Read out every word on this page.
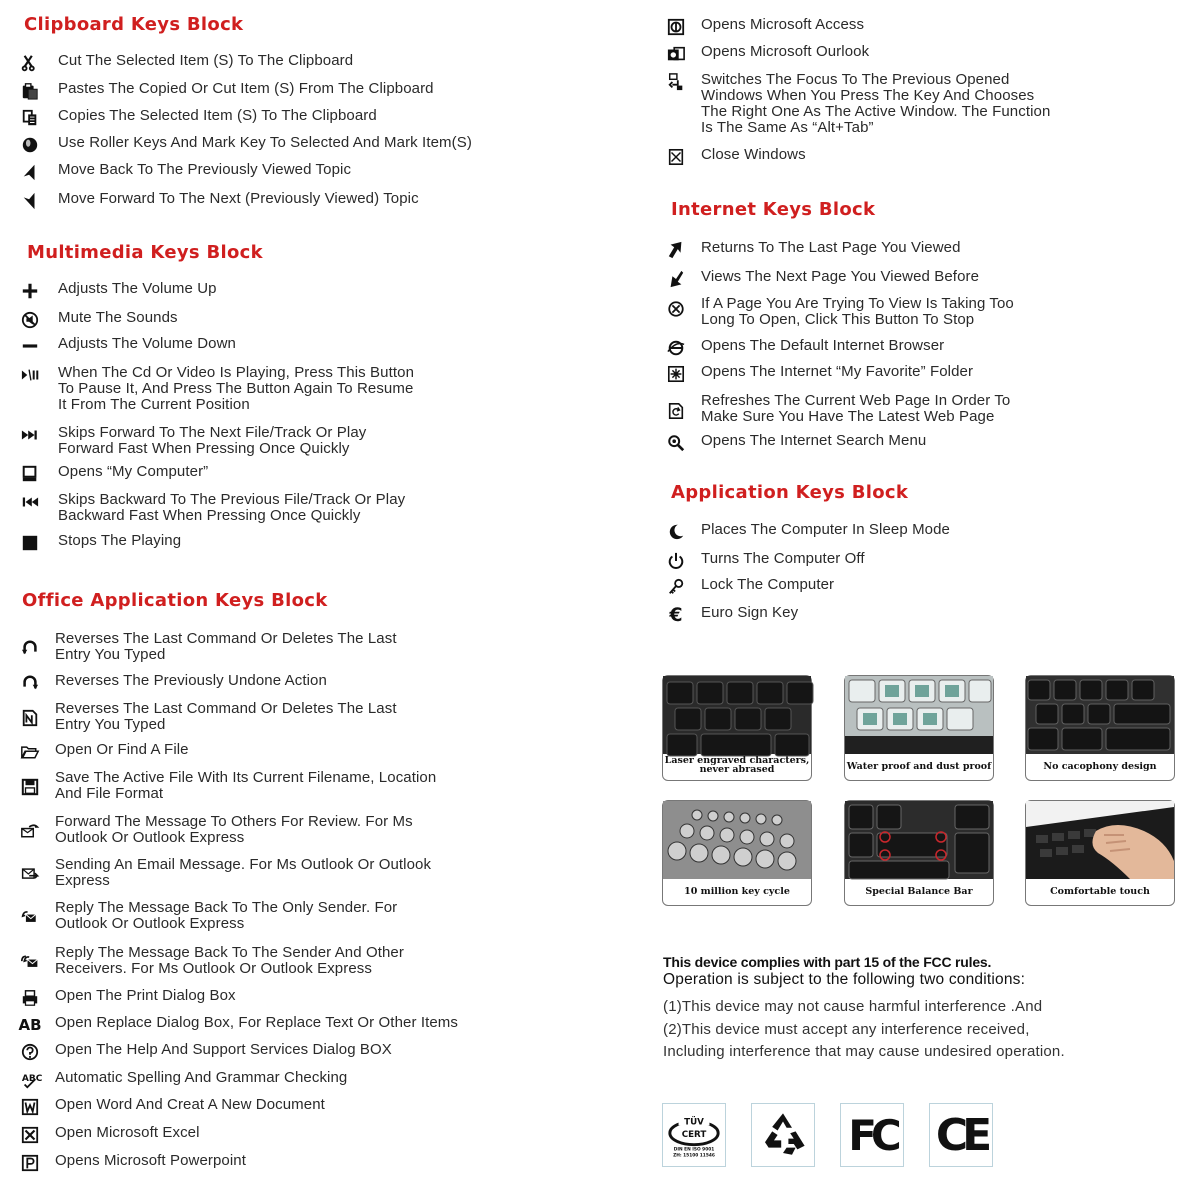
Clipboard Keys Block
Cut The Selected Item (S) To The Clipboard
Pastes The Copied Or Cut Item (S) From The Clipboard
Copies The Selected Item (S) To The Clipboard
Use Roller Keys And Mark Key To Selected And Mark Item(S)
Move Back To The Previously Viewed Topic
Move Forward To The Next (Previously Viewed) Topic
Multimedia Keys Block
Adjusts The Volume Up
Mute The Sounds
Adjusts The Volume Down
When The Cd Or Video Is Playing, Press This Button
To Pause It, And Press The Button Again To Resume
It From The Current Position
Skips Forward To The Next File/Track Or Play
Forward Fast When Pressing Once Quickly
Opens “My Computer”
Skips Backward To The Previous File/Track Or Play
Backward Fast When Pressing Once Quickly
Stops The Playing
Office Application Keys Block
Reverses The Last Command Or Deletes The Last
Entry You Typed
Reverses The Previously Undone Action
Reverses The Last Command Or Deletes The Last
Entry You Typed
Open Or Find A File
Save The Active File With Its Current Filename, Location
And File Format
Forward The Message To Others For Review. For Ms
Outlook Or Outlook Express
Sending An Email Message. For Ms Outlook Or Outlook
Express
Reply The Message Back To The Only Sender. For
Outlook Or Outlook Express
Reply The Message Back To The Sender And Other
Receivers. For Ms Outlook Or Outlook Express
Open The Print Dialog Box
AB Open Replace Dialog Box, For Replace Text Or Other Items
Open The Help And Support Services Dialog BOX
ABC Automatic Spelling And Grammar Checking
Open Word And Creat A New Document
Open Microsoft Excel
Opens Microsoft Powerpoint
Opens Microsoft Access
Opens Microsoft Ourlook
Switches The Focus To The Previous Opened
Windows When You Press The Key And Chooses
The Right One As The Active Window. The Function
Is The Same As “Alt+Tab”
Close Windows
Internet Keys Block
Returns To The Last Page You Viewed
Views The Next Page You Viewed Before
If A Page You Are Trying To View Is Taking Too
Long To Open, Click This Button To Stop
Opens The Default Internet Browser
Opens The Internet “My Favorite” Folder
Refreshes The Current Web Page In Order To
Make Sure You Have The Latest Web Page
Opens The Internet Search Menu
Application Keys Block
Places The Computer In Sleep Mode
Turns The Computer Off
Lock The Computer
€ Euro Sign Key
Laser engraved characters,
never abrased	Water proof and dust proof	No cacophony design
10 million key cycle	Special Balance Bar	Comfortable touch
This device complies with part 15 of the FCC rules.
Operation is subject to the following two conditions:
(1)This device may not cause harmful interference .And
(2)This device must accept any interference received,
Including interference that may cause undesired operation.
TÜV
CERT
DIN EN ISO 9001
ZH: 15100 11546	FC CE
